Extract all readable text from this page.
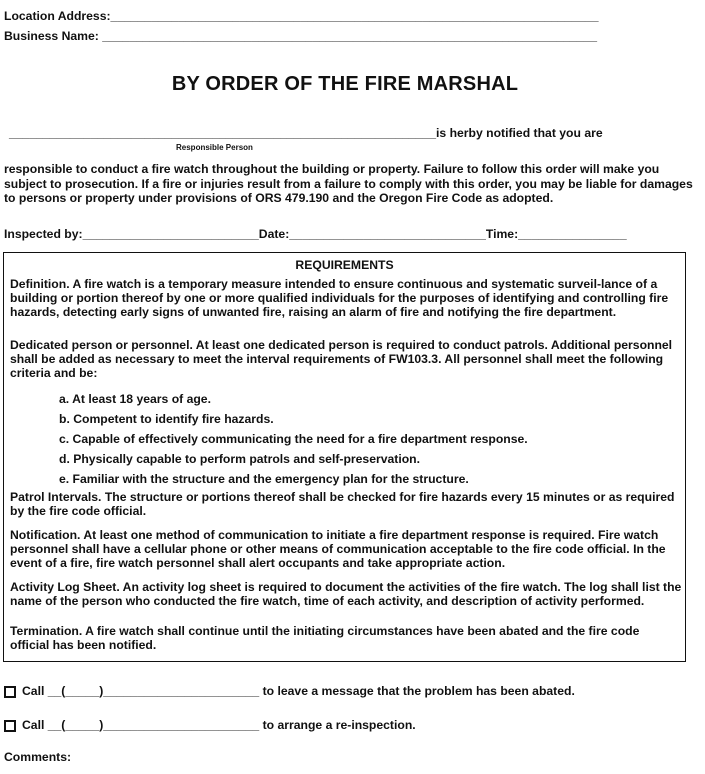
Location Address:________________________________________________________________________
Business Name: _________________________________________________________________________
BY ORDER OF THE FIRE MARSHAL
_______________________________________________________________is herby notified that you are
Responsible Person
responsible to conduct a fire watch throughout the building or property. Failure to follow this order will make you subject to prosecution. If a fire or injuries result from a failure to comply with this order, you may be liable for damages to persons or property under provisions of ORS 479.190 and the Oregon Fire Code as adopted.
Inspected by:__________________________Date:_____________________________Time:________________
REQUIREMENTS
Definition. A fire watch is a temporary measure intended to ensure continuous and systematic surveil-lance of a building or portion thereof by one or more qualified individuals for the purposes of identifying and controlling fire hazards, detecting early signs of unwanted fire, raising an alarm of fire and notifying the fire department.
Dedicated person or personnel. At least one dedicated person is required to conduct patrols. Additional personnel shall be added as necessary to meet the interval requirements of FW103.3. All personnel shall meet the following criteria and be:
a. At least 18 years of age.
b. Competent to identify fire hazards.
c. Capable of effectively communicating the need for a fire department response.
d. Physically capable to perform patrols and self-preservation.
e. Familiar with the structure and the emergency plan for the structure.
Patrol Intervals. The structure or portions thereof shall be checked for fire hazards every 15 minutes or as required by the fire code official.
Notification. At least one method of communication to initiate a fire department response is required. Fire watch personnel shall have a cellular phone or other means of communication acceptable to the fire code official. In the event of a fire, fire watch personnel shall alert occupants and take appropriate action.
Activity Log Sheet. An activity log sheet is required to document the activities of the fire watch. The log shall list the name of the person who conducted the fire watch, time of each activity, and description of activity performed.
Termination. A fire watch shall continue until the initiating circumstances have been abated and the fire code official has been notified.
Call __(_____)_______________________ to leave a message that the problem has been abated.
Call __(_____)_______________________ to arrange a re-inspection.
Comments:
